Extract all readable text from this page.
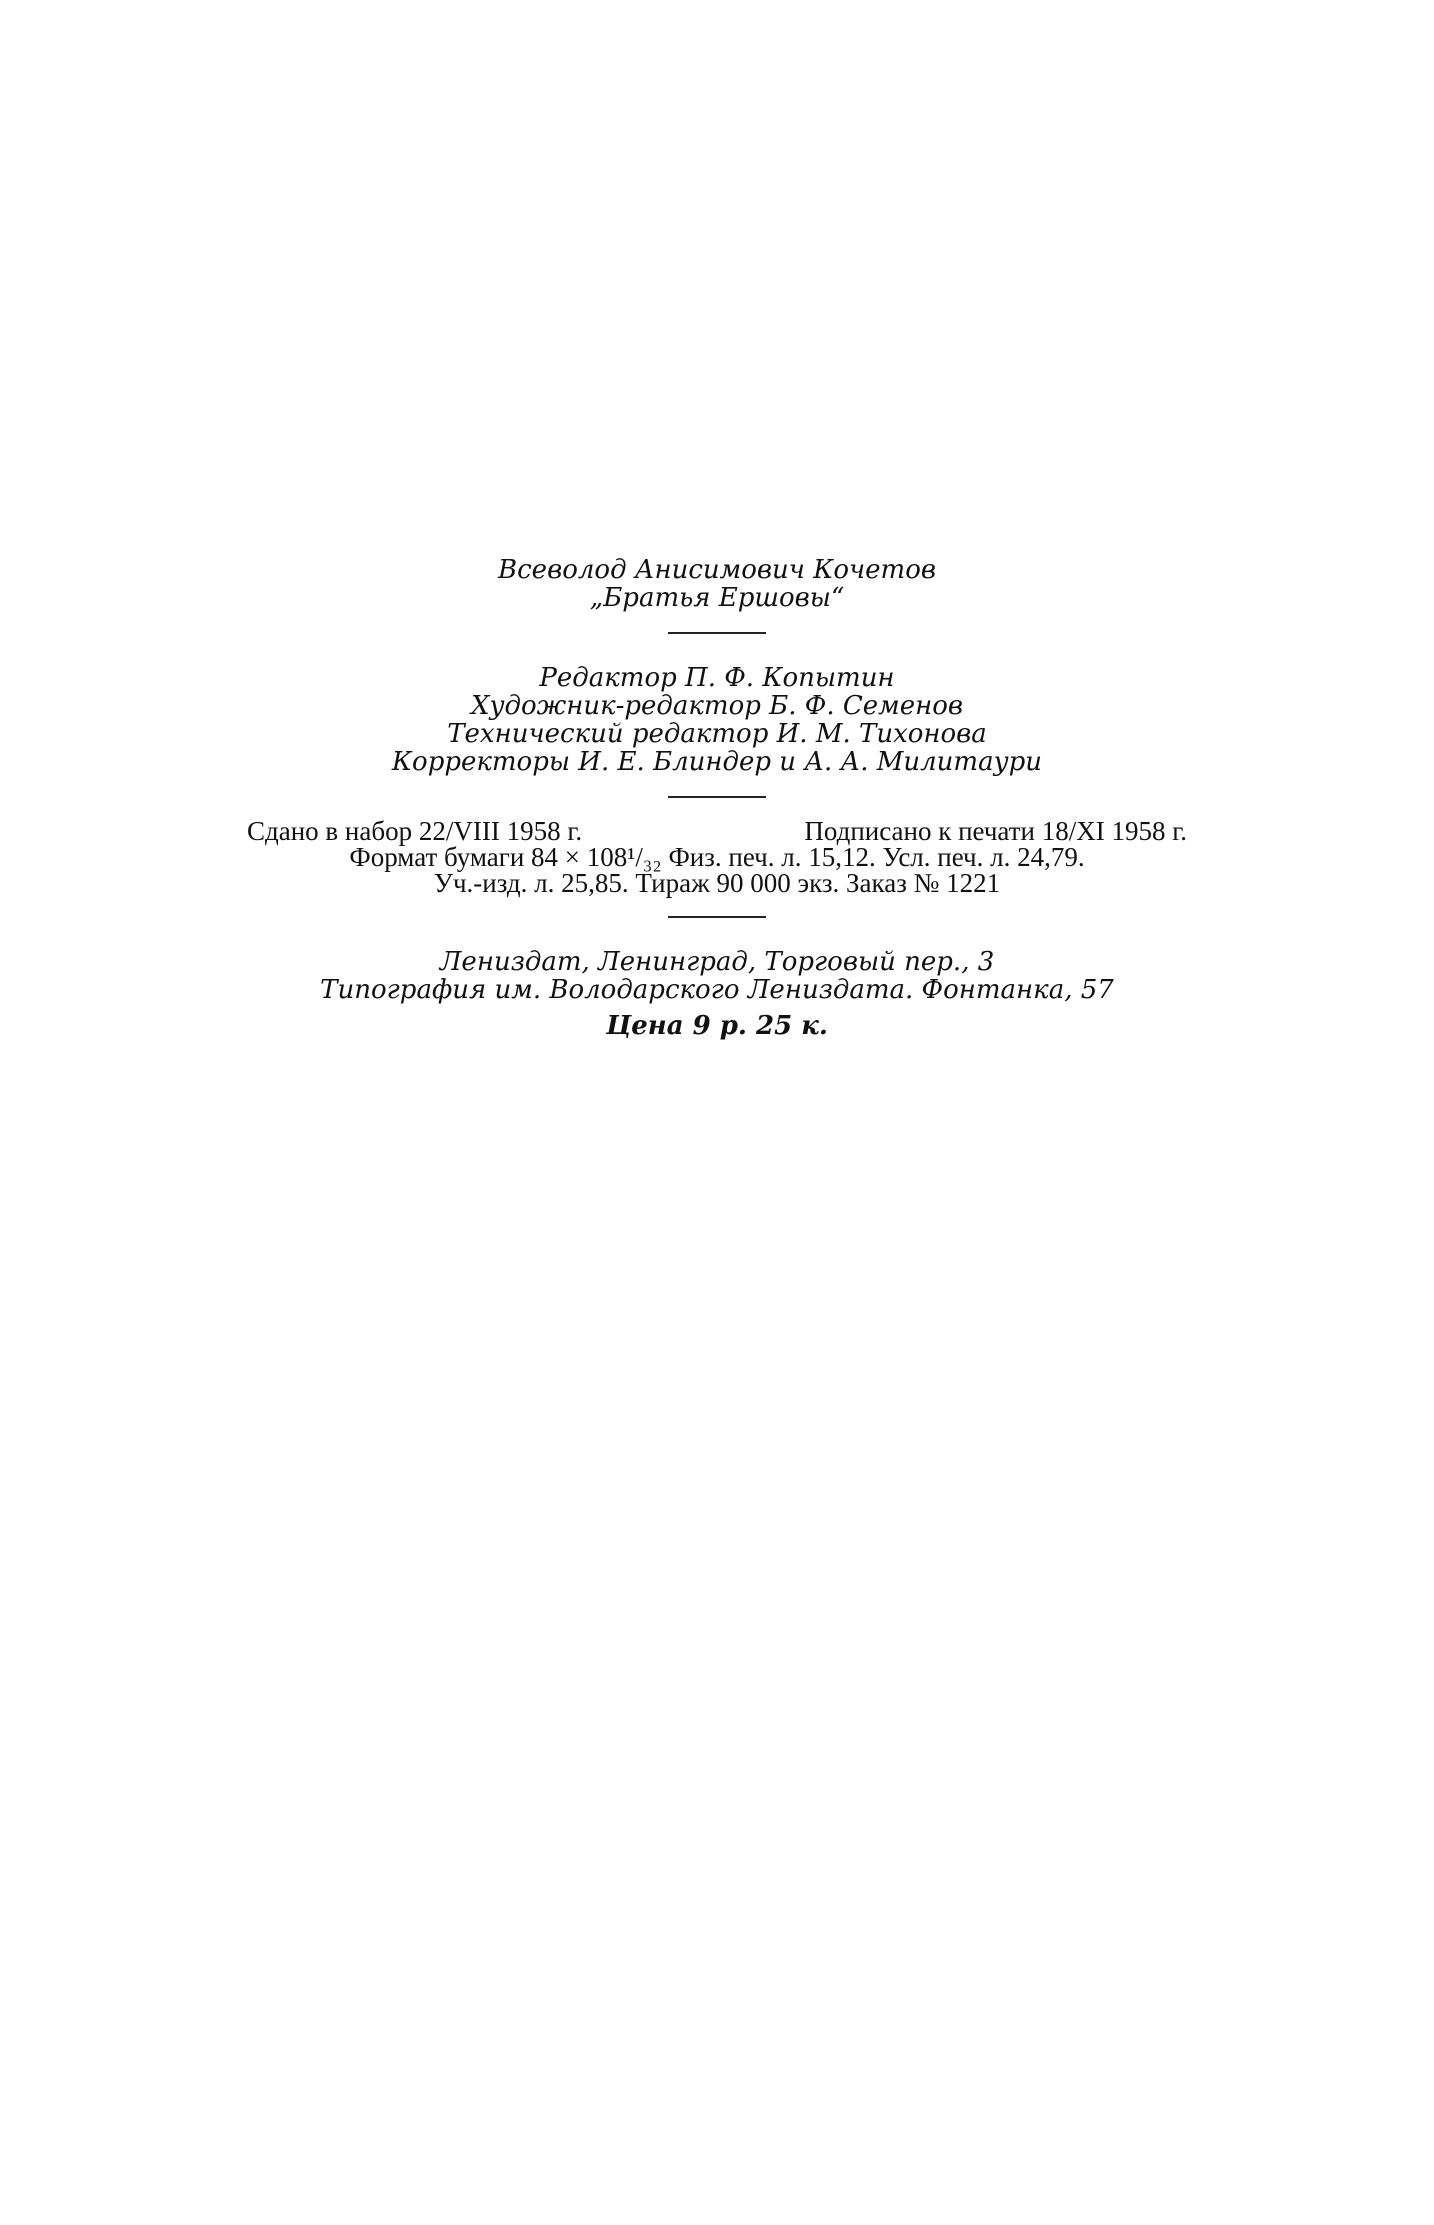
Всеволод Анисимович Кочетов

„Братья Ершовы“

Редактор П. Ф. Копытин

Художник-редактор Б. Ф. Семенов

Технический редактор И. М. Тихонова

Корректоры И. Е. Блиндер и А. А. Милитаури

Сдано в набор 22/VIII 1958 г.	Подписано к печати 18/XI 1958 г.

Формат бумаги 84 × 108¹/₃₂ Физ. печ. л. 15,12. Усл. печ. л. 24,79.

Уч.-изд. л. 25,85. Тираж 90 000 экз. Заказ № 1221

Лениздат, Ленинград, Торговый пер., 3

Типография им. Володарского Лениздата. Фонтанка, 57

Цена 9 р. 25 к.
